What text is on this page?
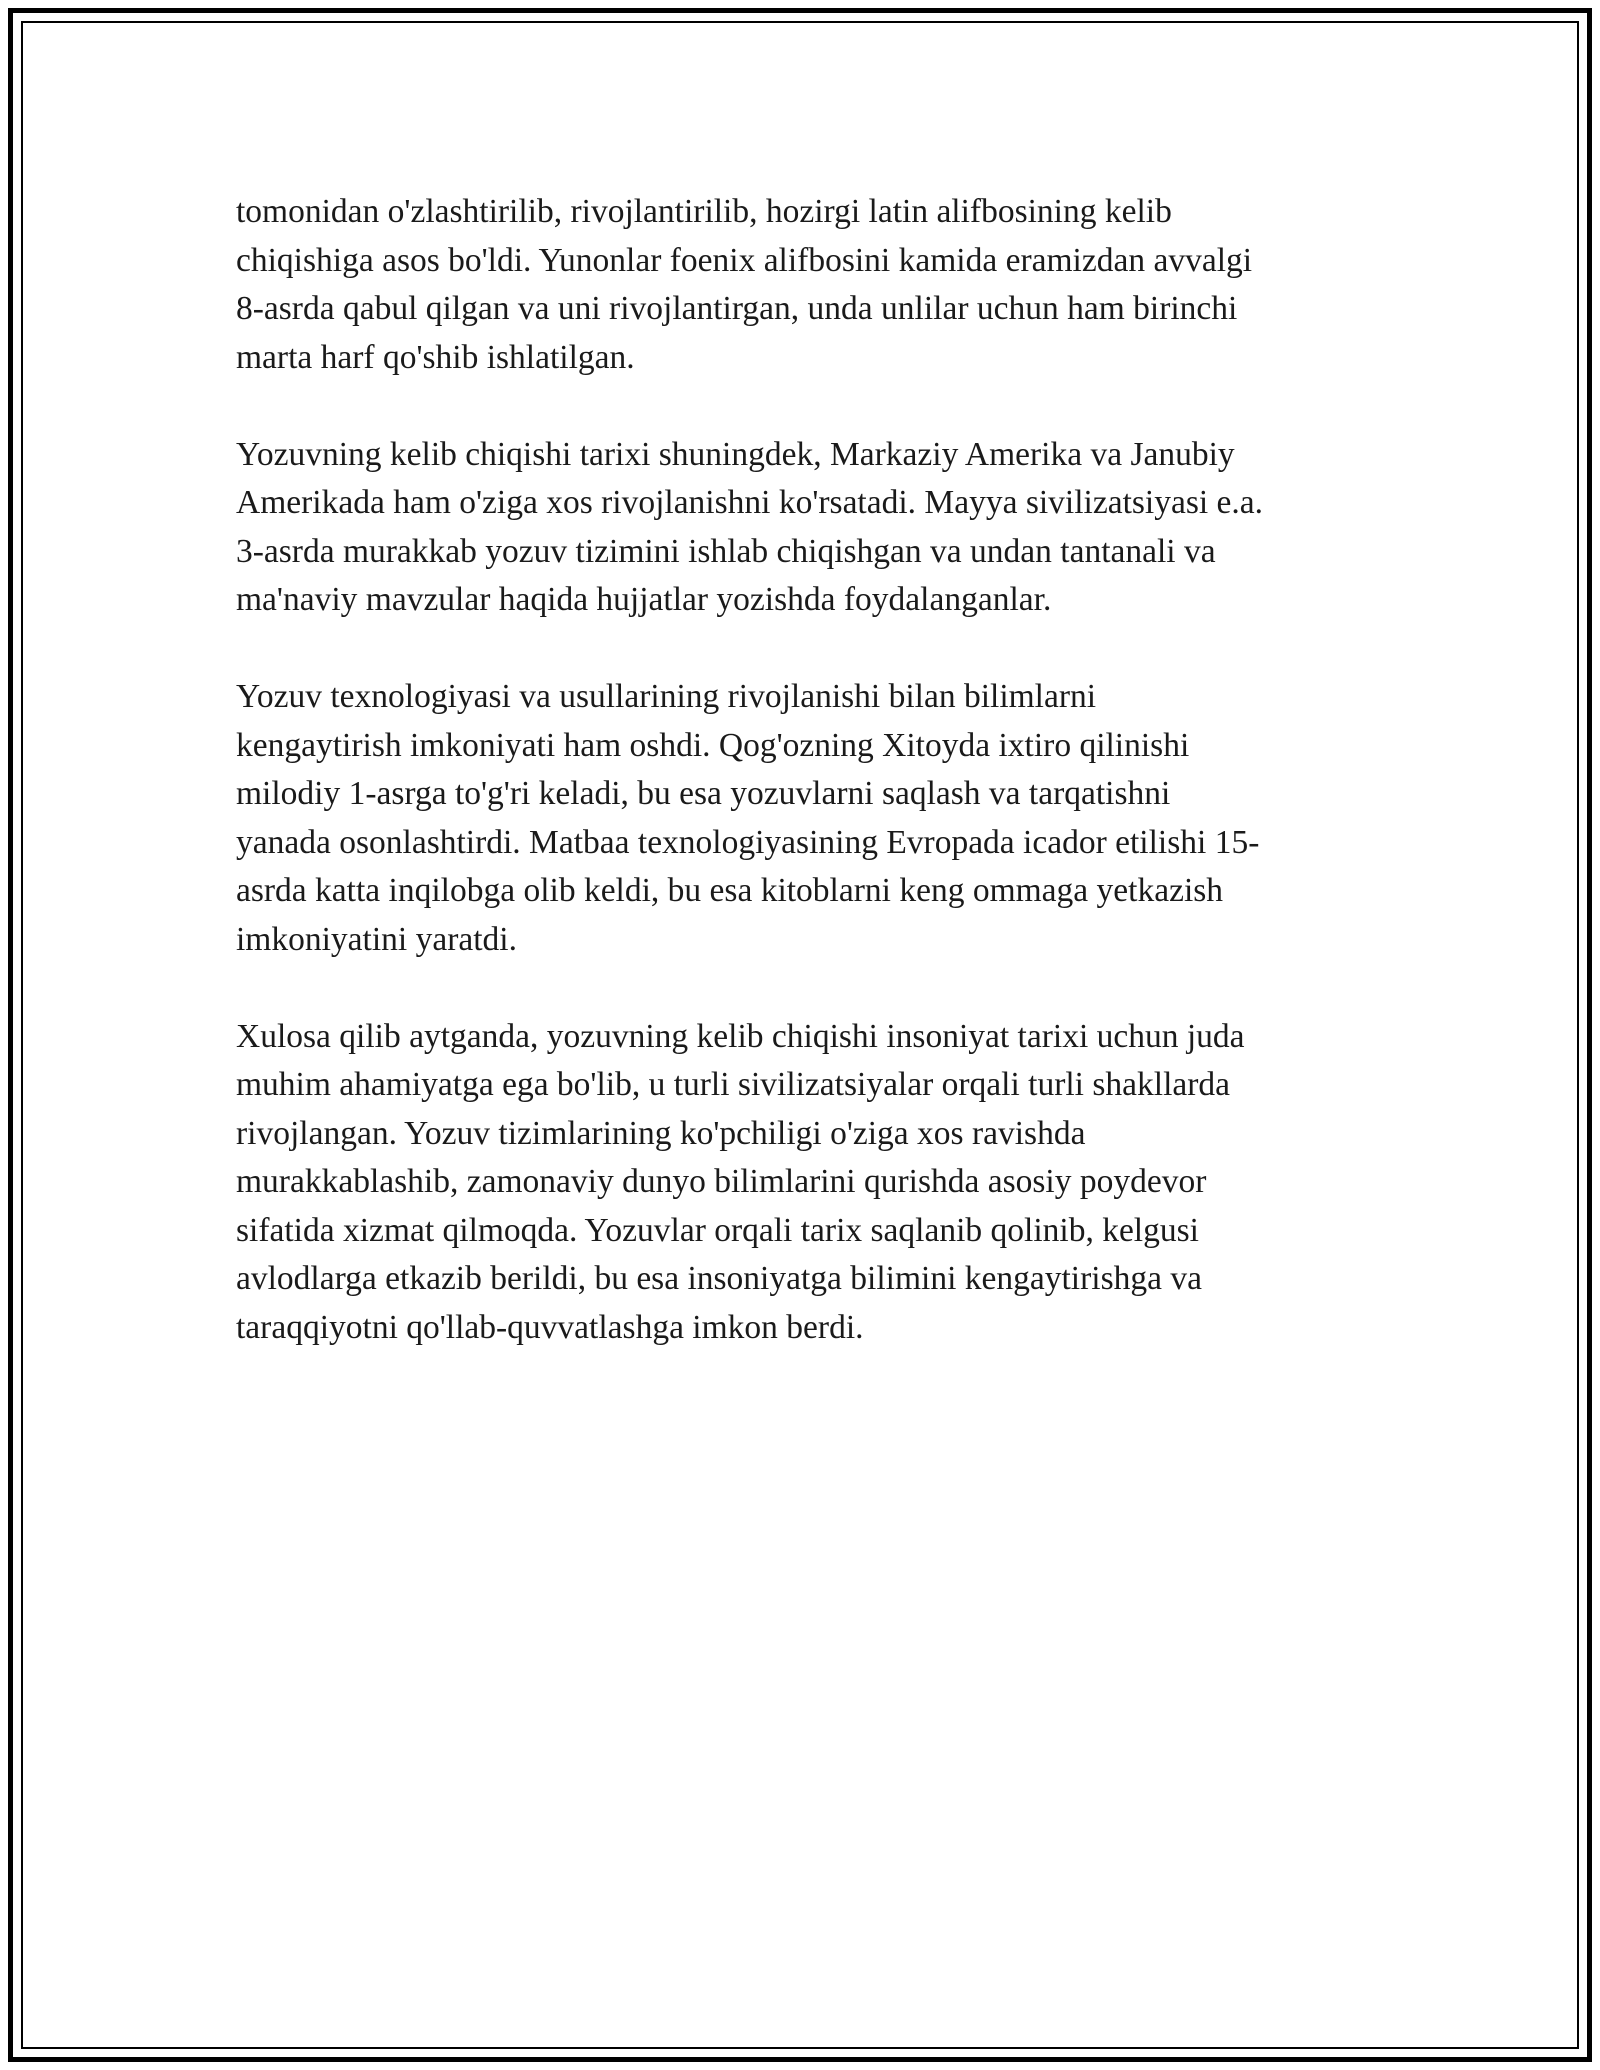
tomonidan o'zlashtirilib, rivojlantirilib, hozirgi latin alifbosining kelib
chiqishiga asos bo'ldi. Yunonlar foenix alifbosini kamida eramizdan avvalgi
8-asrda qabul qilgan va uni rivojlantirgan, unda unlilar uchun ham birinchi
marta harf qo'shib ishlatilgan.

Yozuvning kelib chiqishi tarixi shuningdek, Markaziy Amerika va Janubiy
Amerikada ham o'ziga xos rivojlanishni ko'rsatadi. Mayya sivilizatsiyasi e.a.
3-asrda murakkab yozuv tizimini ishlab chiqishgan va undan tantanali va
ma'naviy mavzular haqida hujjatlar yozishda foydalanganlar.

Yozuv texnologiyasi va usullarining rivojlanishi bilan bilimlarni
kengaytirish imkoniyati ham oshdi. Qog'ozning Xitoyda ixtiro qilinishi
milodiy 1-asrga to'g'ri keladi, bu esa yozuvlarni saqlash va tarqatishni
yanada osonlashtirdi. Matbaa texnologiyasining Evropada icador etilishi 15-
asrda katta inqilobga olib keldi, bu esa kitoblarni keng ommaga yetkazish
imkoniyatini yaratdi.

Xulosa qilib aytganda, yozuvning kelib chiqishi insoniyat tarixi uchun juda
muhim ahamiyatga ega bo'lib, u turli sivilizatsiyalar orqali turli shakllarda
rivojlangan. Yozuv tizimlarining ko'pchiligi o'ziga xos ravishda
murakkablashib, zamonaviy dunyo bilimlarini qurishda asosiy poydevor
sifatida xizmat qilmoqda. Yozuvlar orqali tarix saqlanib qolinib, kelgusi
avlodlarga etkazib berildi, bu esa insoniyatga bilimini kengaytirishga va
taraqqiyotni qo'llab-quvvatlashga imkon berdi.
